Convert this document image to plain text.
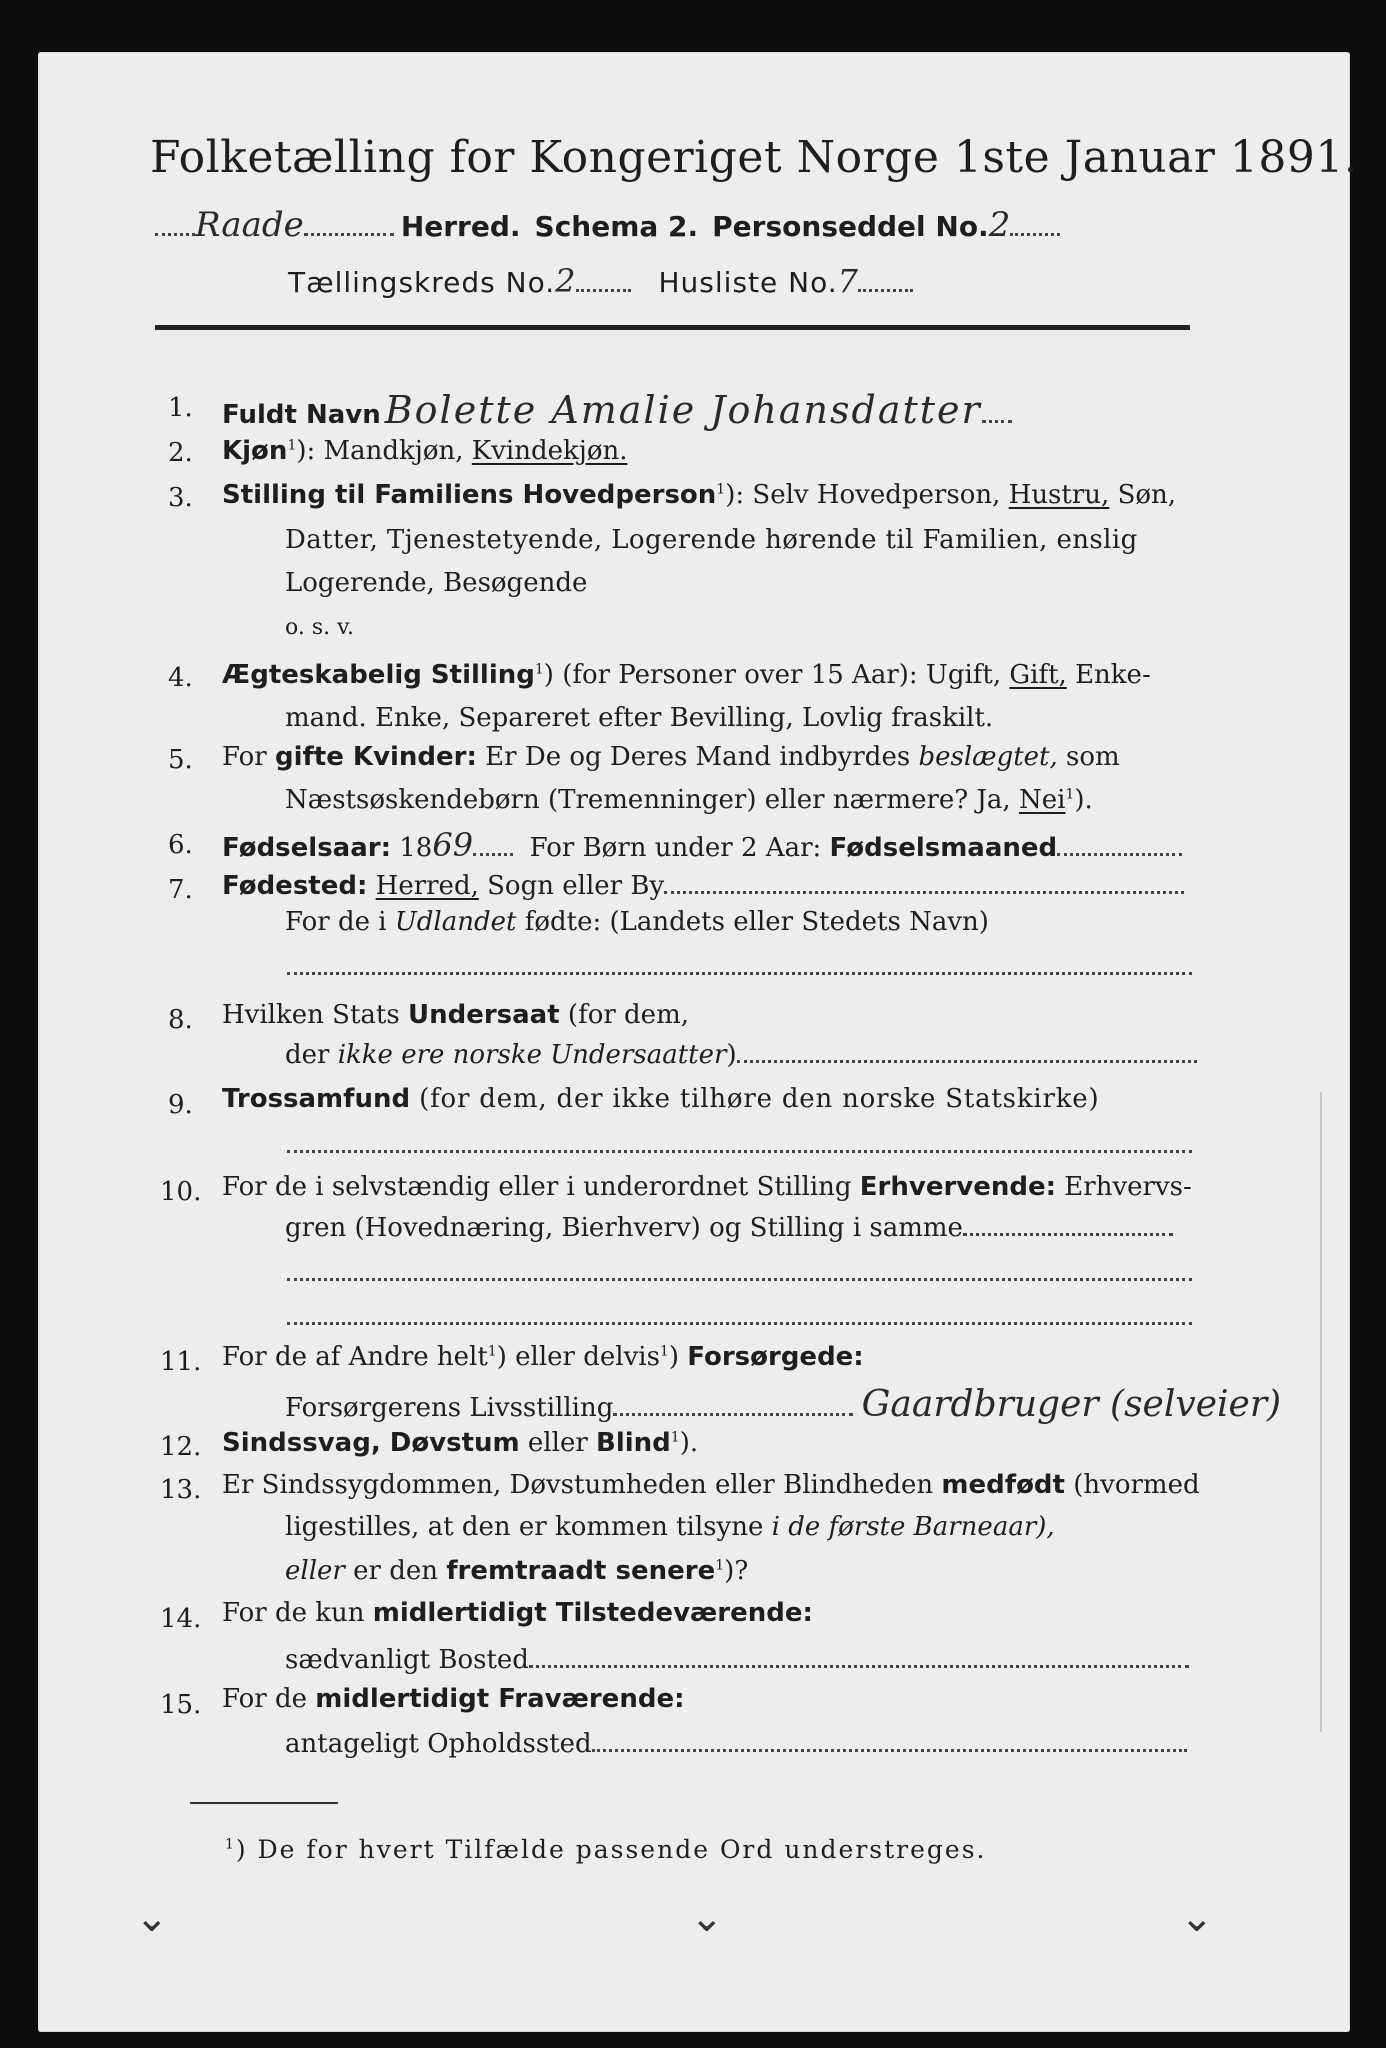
Folketælling for Kongeriget Norge 1ste Januar 1891.
Raade	Herred. Schema 2. Personseddel No.2
Tællingskreds No.2	Husliste No.7
1. Fuldt Navn Bolette Amalie Johansdatter
2. Kjøn$^1$): Mandkjøn, Kvindekjøn.
3. Stilling til Familiens Hovedperson$^1$): Selv Hovedperson, Hustru, Søn,
Datter, Tjenestetyende, Logerende hørende til Familien, enslig
Logerende, Besøgende
o. s. v.
4. Ægteskabelig Stilling$^1$) (for Personer over 15 Aar): Ugift, Gift, Enke-
mand. Enke, Separeret efter Bevilling, Lovlig fraskilt.
5. For gifte Kvinder: Er De og Deres Mand indbyrdes beslægtet, som
Næstsøskendebørn (Tremenninger) eller nærmere? Ja, Nei$^1$).
6. Fødselsaar: 1869 For Børn under 2 Aar: Fødselsmaaned
7. Fødested: Herred, Sogn eller By
For de i Udlandet fødte: (Landets eller Stedets Navn)
8. Hvilken Stats Undersaat (for dem,
der ikke ere norske Undersaatter)
9. Trossamfund (for dem, der ikke tilhøre den norske Statskirke)
10. For de i selvstændig eller i underordnet Stilling Erhvervende: Erhvervs-
gren (Hovednæring, Bierhverv) og Stilling i samme
11. For de af Andre helt$^1$) eller delvis$^1$) Forsørgede:
Forsørgerens Livsstilling	Gaardbruger (selveier)
12. Sindssvag, Døvstum eller Blind$^1$).
13. Er Sindssygdommen, Døvstumheden eller Blindheden medfødt (hvormed
ligestilles, at den er kommen tilsyne i de første Barneaar),
eller er den fremtraadt senere$^1$)?
14. For de kun midlertidigt Tilstedeværende:
sædvanligt Bosted
15. For de midlertidigt Fraværende:
antageligt Opholdssted
$^1$) De for hvert Tilfælde passende Ord understreges.
⌄	⌄	⌄
